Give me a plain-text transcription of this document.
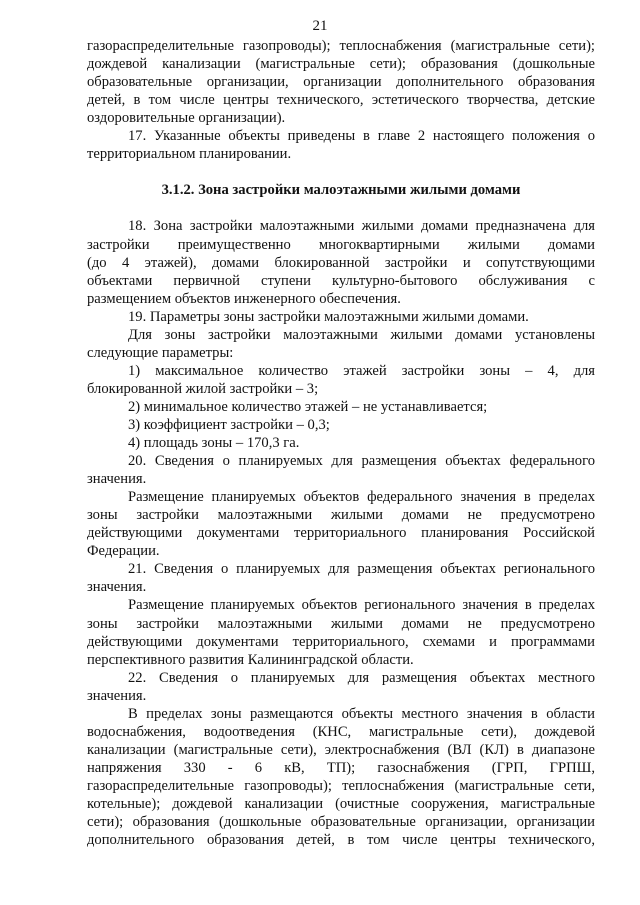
21
газораспределительные газопроводы); теплоснабжения (магистральные сети);
дождевой канализации (магистральные сети); образования (дошкольные
образовательные организации, организации дополнительного образования
детей, в том числе центры технического, эстетического творчества, детские
оздоровительные организации).
17. Указанные объекты приведены в главе 2 настоящего положения о
территориальном планировании.
3.1.2. Зона застройки малоэтажными жилыми домами
18. Зона застройки малоэтажными жилыми домами предназначена для
застройки преимущественно многоквартирными жилыми домами
(до 4 этажей), домами блокированной застройки и сопутствующими
объектами первичной ступени культурно-бытового обслуживания с
размещением объектов инженерного обеспечения.
19. Параметры зоны застройки малоэтажными жилыми домами.
Для зоны застройки малоэтажными жилыми домами установлены
следующие параметры:
1) максимальное количество этажей застройки зоны – 4, для
блокированной жилой застройки – 3;
2) минимальное количество этажей – не устанавливается;
3) коэффициент застройки – 0,3;
4) площадь зоны – 170,3 га.
20. Сведения о планируемых для размещения объектах федерального
значения.
Размещение планируемых объектов федерального значения в пределах
зоны застройки малоэтажными жилыми домами не предусмотрено
действующими документами территориального планирования Российской
Федерации.
21. Сведения о планируемых для размещения объектах регионального
значения.
Размещение планируемых объектов регионального значения в пределах
зоны застройки малоэтажными жилыми домами не предусмотрено
действующими документами территориального, схемами и программами
перспективного развития Калининградской области.
22. Сведения о планируемых для размещения объектах местного
значения.
В пределах зоны размещаются объекты местного значения в области
водоснабжения, водоотведения (КНС, магистральные сети), дождевой
канализации (магистральные сети), электроснабжения (ВЛ (КЛ) в диапазоне
напряжения 330 - 6 кВ, ТП); газоснабжения (ГРП, ГРПШ,
газораспределительные газопроводы); теплоснабжения (магистральные сети,
котельные); дождевой канализации (очистные сооружения, магистральные
сети); образования (дошкольные образовательные организации, организации
дополнительного образования детей, в том числе центры технического,
